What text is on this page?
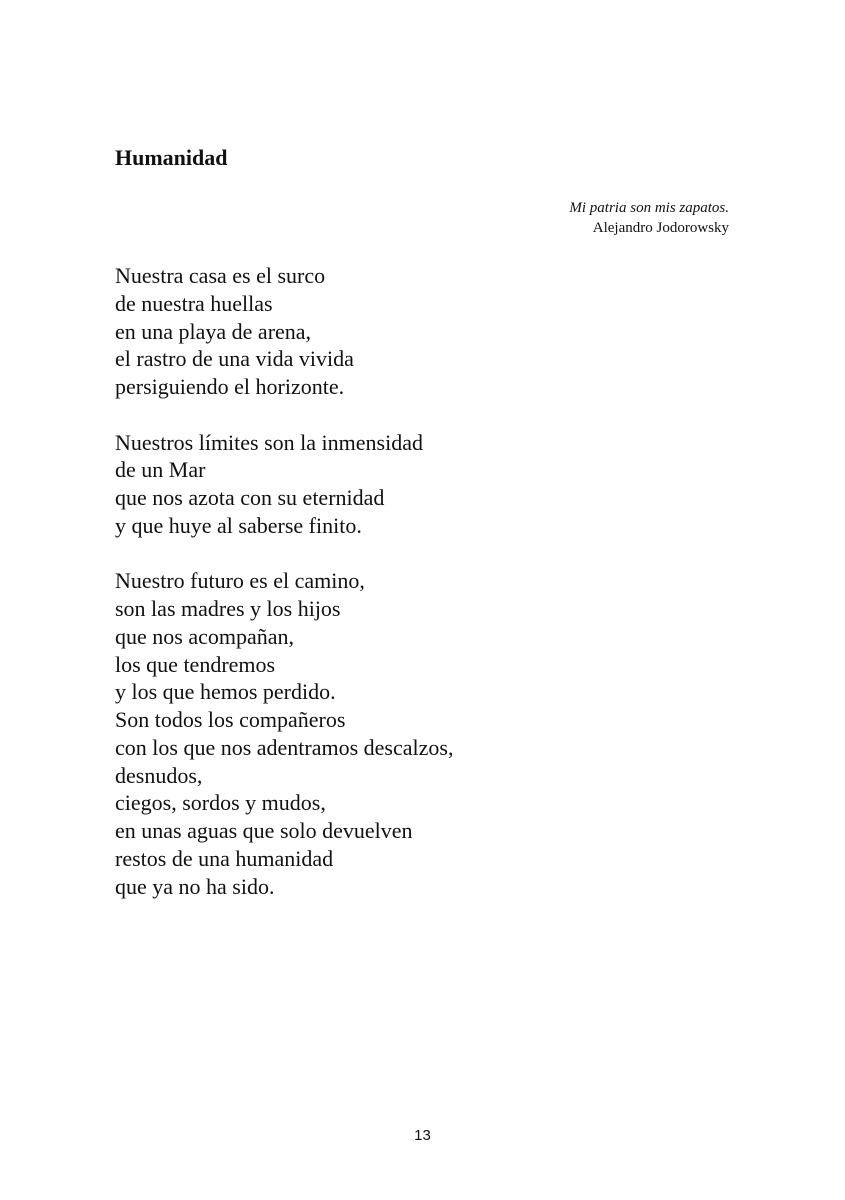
Humanidad
Mi patria son mis zapatos.
Alejandro Jodorowsky
Nuestra casa es el surco
de nuestra huellas
en una playa de arena,
el rastro de una vida vivida
persiguiendo el horizonte.
Nuestros límites son la inmensidad
de un Mar
que nos azota con su eternidad
y que huye al saberse finito.
Nuestro futuro es el camino,
son las madres y los hijos
que nos acompañan,
los que tendremos
y los que hemos perdido.
Son todos los compañeros
con los que nos adentramos descalzos,
desnudos,
ciegos, sordos y mudos,
en unas aguas que solo devuelven
restos de una humanidad
que ya no ha sido.
13
